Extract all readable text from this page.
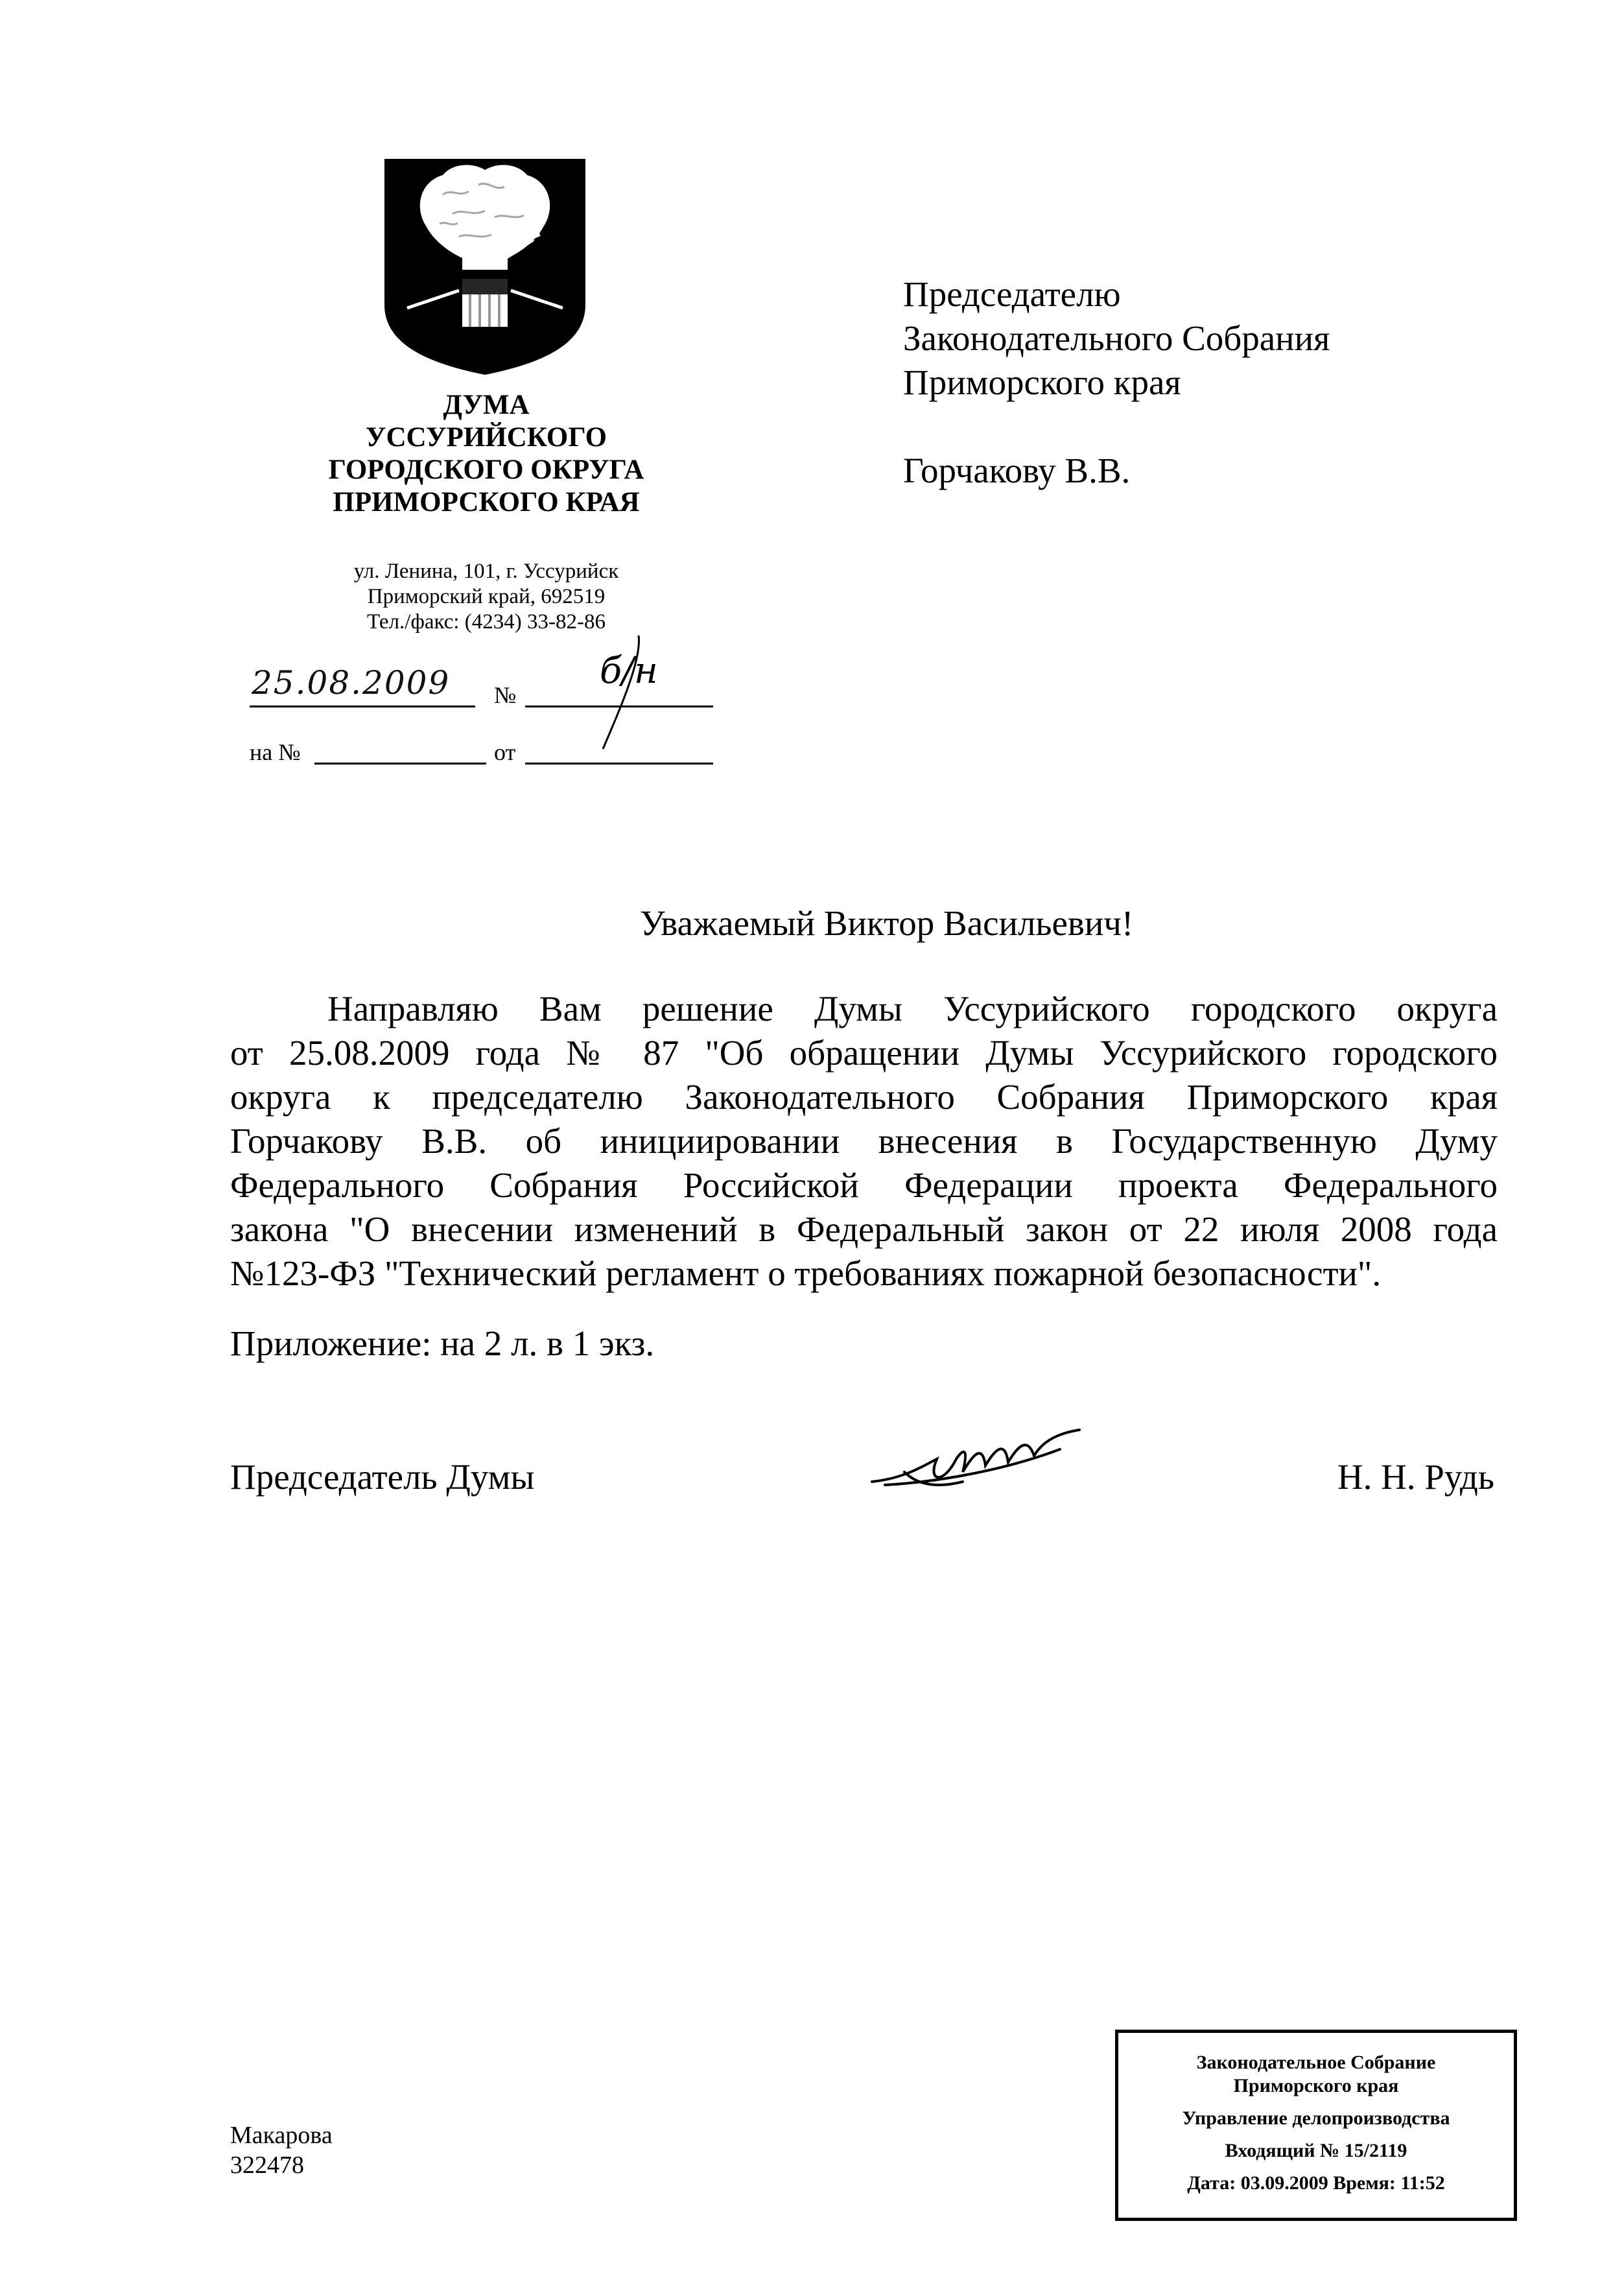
ДУМА
УССУРИЙСКОГО
ГОРОДСКОГО ОКРУГА
ПРИМОРСКОГО КРАЯ
ул. Ленина, 101, г. Уссурийск
Приморский край, 692519
Тел./факс: (4234) 33-82-86
25.08.2009	№
б/н
на №	от
Председателю
Законодательного Собрания
Приморского края
Горчакову В.В.
Уважаемый Виктор Васильевич!
Направляю Вам решение Думы Уссурийского городского округа
от 25.08.2009 года № 87 "Об обращении Думы Уссурийского городского
округа к председателю Законодательного Собрания Приморского края
Горчакову В.В. об инициировании внесения в Государственную Думу
Федерального Собрания Российской Федерации проекта Федерального
закона "О внесении изменений в Федеральный закон от 22 июля 2008 года
№123-ФЗ "Технический регламент о требованиях пожарной безопасности".
Приложение: на 2 л. в 1 экз.
Председатель Думы	Н. Н. Рудь
Макарова
322478
Законодательное Собрание
Приморского края
Управление делопроизводства
Входящий № 15/2119
Дата: 03.09.2009 Время: 11:52
